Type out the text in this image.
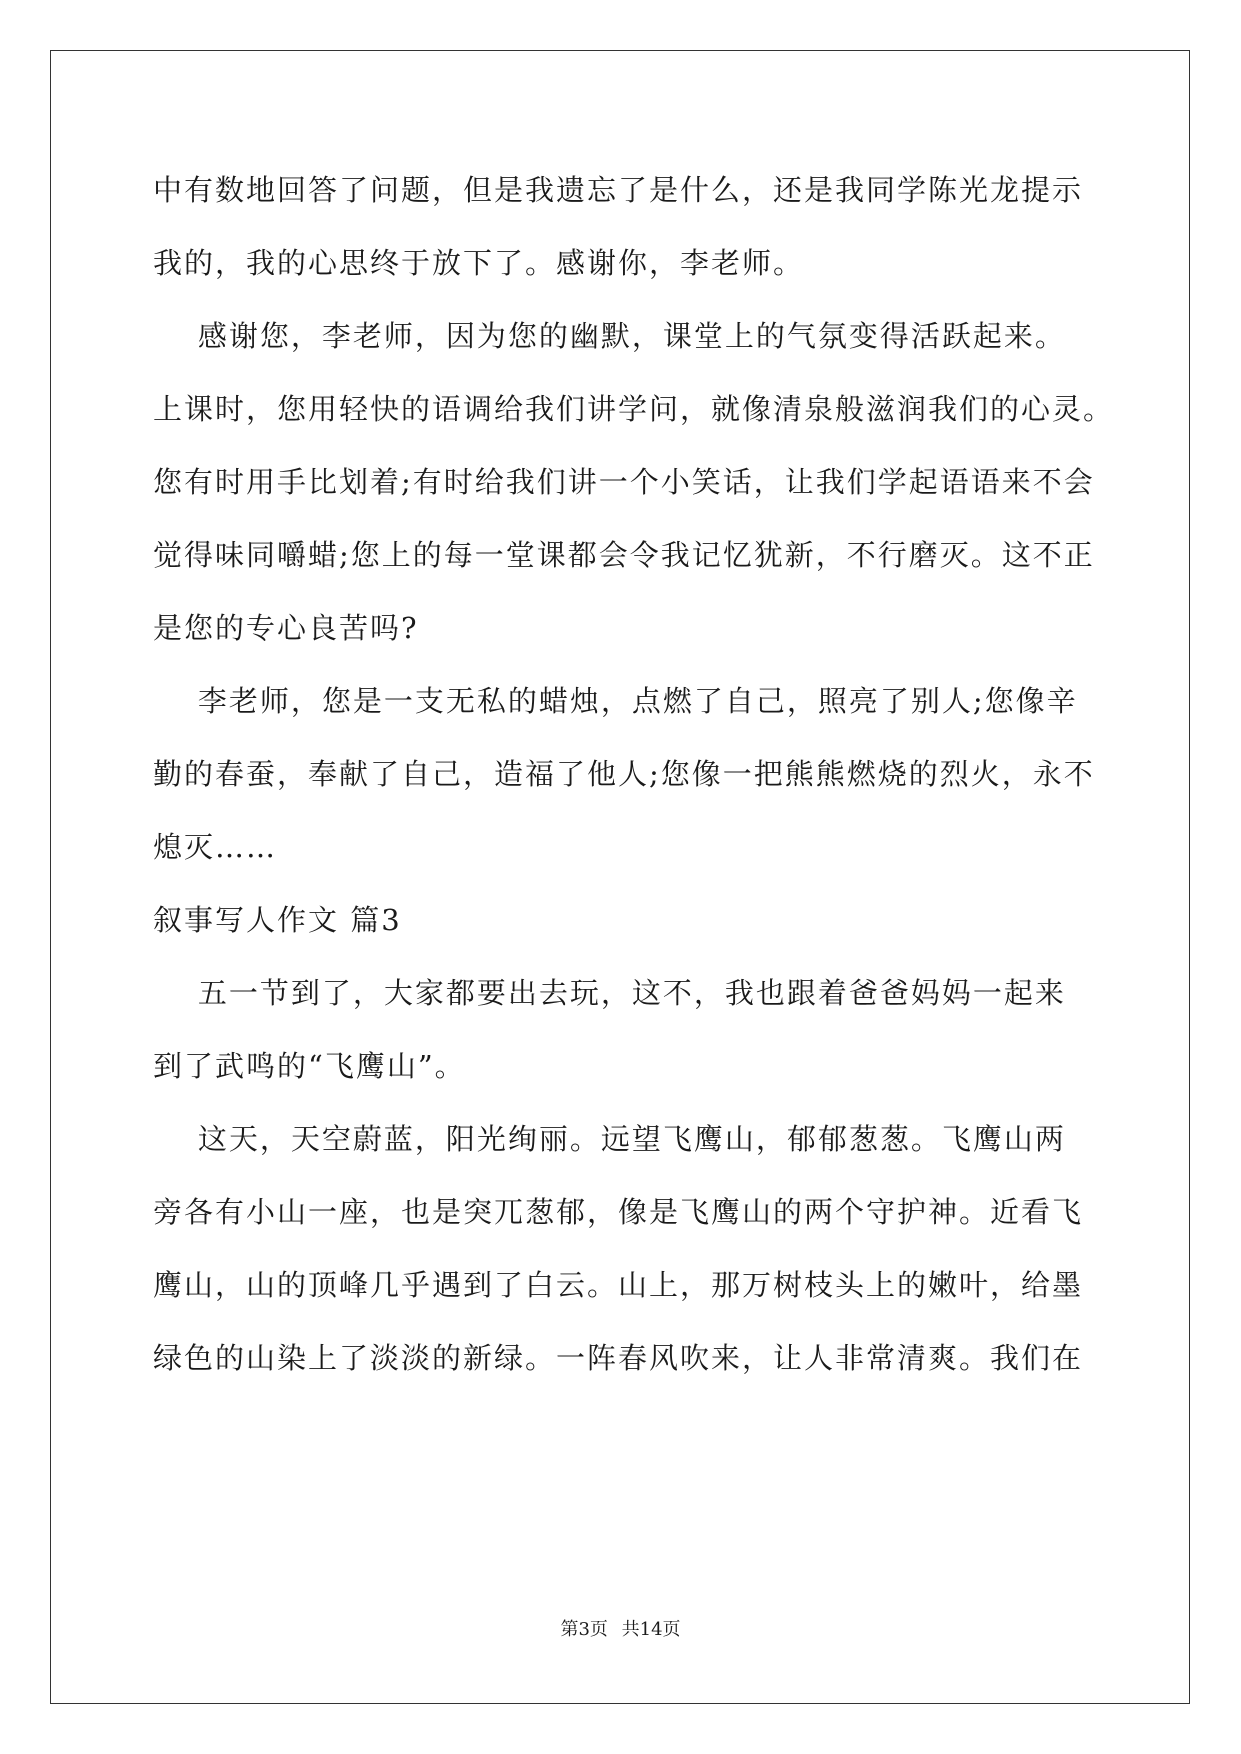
中有数地回答了问题，但是我遗忘了是什么，还是我同学陈光龙提示
我的，我的心思终于放下了。感谢你，李老师。
感谢您，李老师，因为您的幽默，课堂上的气氛变得活跃起来。
上课时，您用轻快的语调给我们讲学问，就像清泉般滋润我们的心灵。
您有时用手比划着;有时给我们讲一个小笑话，让我们学起语语来不会
觉得味同嚼蜡;您上的每一堂课都会令我记忆犹新，不行磨灭。这不正
是您的专心良苦吗?
李老师，您是一支无私的蜡烛，点燃了自己，照亮了别人;您像辛
勤的春蚕，奉献了自己，造福了他人;您像一把熊熊燃烧的烈火，永不
熄灭……
叙事写人作文 篇3
五一节到了，大家都要出去玩，这不，我也跟着爸爸妈妈一起来
到了武鸣的“飞鹰山”。
这天，天空蔚蓝，阳光绚丽。远望飞鹰山，郁郁葱葱。飞鹰山两
旁各有小山一座，也是突兀葱郁，像是飞鹰山的两个守护神。近看飞
鹰山，山的顶峰几乎遇到了白云。山上，那万树枝头上的嫩叶，给墨
绿色的山染上了淡淡的新绿。一阵春风吹来，让人非常清爽。我们在
第3页 共14页
